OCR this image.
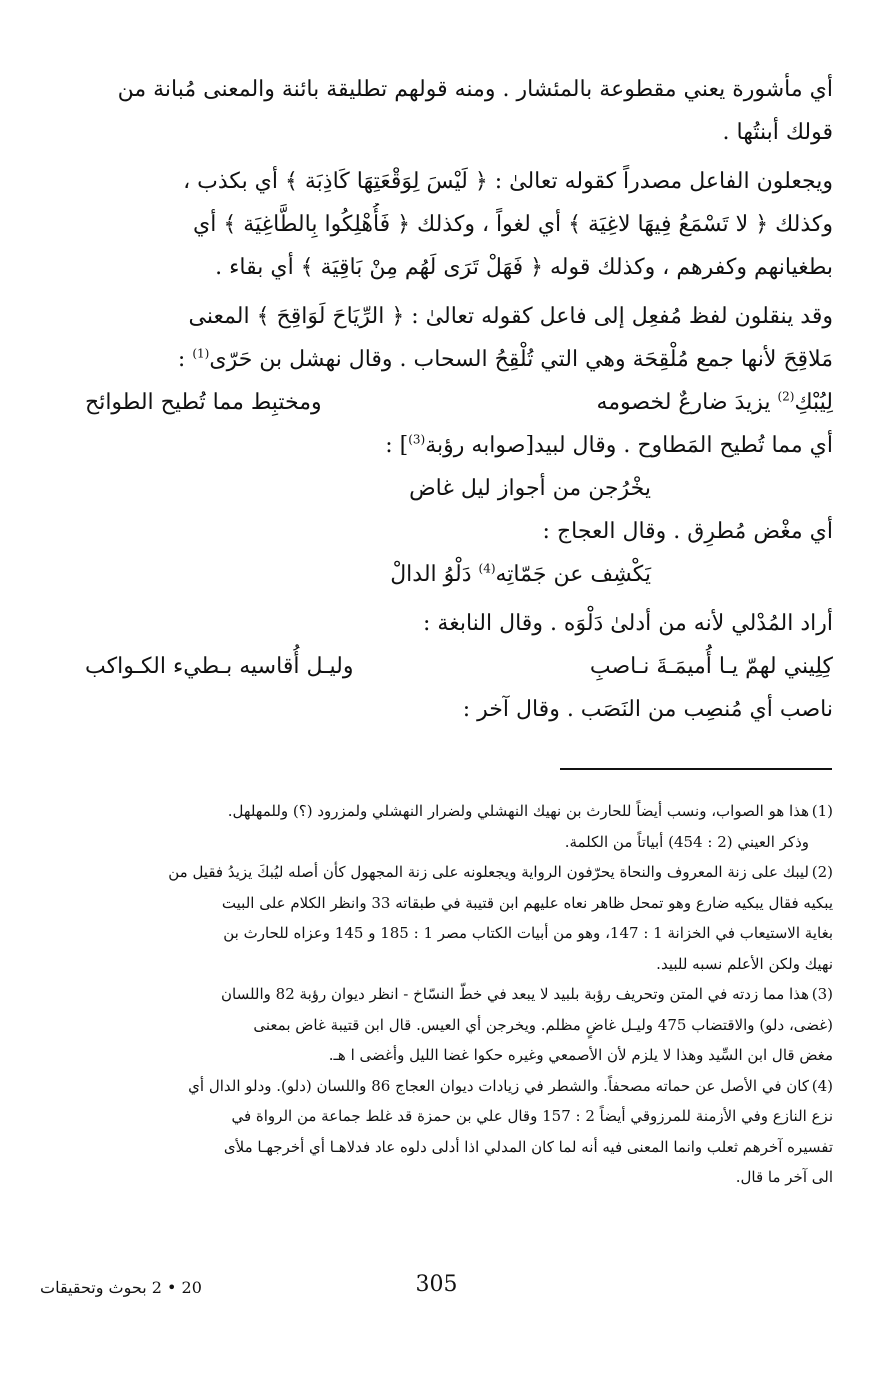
أي مأشورة يعني مقطوعة بالمئشار . ومنه قولهم تطليقة بائنة والمعنى مُبانة من
قولك أبنتُها .
ويجعلون الفاعل مصدراً كقوله تعالىٰ : ﴿ لَيْسَ لِوَقْعَتِهَا كَاذِبَة ﴾ أي بكذب ،
وكذلك ﴿ لا تَسْمَعُ فِيهَا لاغِيَة ﴾ أي لغواً ، وكذلك ﴿ فَأُهْلِكُوا بِالطَّاغِيَة ﴾ أي
بطغيانهم وكفرهم ، وكذلك قوله ﴿ فَهَلْ تَرَى لَهُم مِنْ بَاقِيَة ﴾ أي بقاء .
وقد ينقلون لفظ مُفعِل إلى فاعل كقوله تعالىٰ : ﴿ الرِّيَاحَ لَوَاقِحَ ﴾ المعنى
مَلاقِحَ لأنها جمع مُلْقِحَة وهي التي تُلْقِحُ السحاب . وقال نهشل بن حَرّى$^{(1)}$ :
لِيُبْكِ$^{(2)}$ يزيدَ ضارعٌ لخصومه
ومختبِط مما تُطيح الطوائح
أي مما تُطيح المَطاوح . وقال لبيد[صوابه رؤبة$^{(3)}$] :
يخْرُجن من أجواز ليل غاض
أي مغْض مُطرِق . وقال العجاج :
يَكْشِف عن جَمّاتِه$^{(4)}$ دَلْوُ الدالْ
أراد المُدْلي لأنه من أدلىٰ دَلْوَه . وقال النابغة :
كِلِيني لهمّ يـا أُميمَـةَ نـاصبِ
وليـل أُقاسيه بـطيء الكـواكب
ناصب أي مُنصِب من النَصَب . وقال آخر :
(1)هذا هو الصواب، ونسب أيضاً للحارث بن نهيك النهشلي ولضرار النهشلي ولمزرود (؟) وللمهلهل.
وذكر العيني (2 : 454) أبياتاً من الكلمة.
(2)ليبك على زنة المعروف والنحاة يحرّفون الرواية ويجعلونه على زنة المجهول كأن أصله ليُبكَ يزيدُ فقيل من
يبكيه فقال يبكيه ضارع وهو تمحل ظاهر نعاه عليهم ابن قتيبة في طبقاته 33 وانظر الكلام على البيت
بغاية الاستيعاب في الخزانة 1 : 147، وهو من أبيات الكتاب مصر 1 : 185 و 145 وعزاه للحارث بن
نهيك ولكن الأعلم نسبه للبيد.
(3)هذا مما زدته في المتن وتحريف رؤبة بلبيد لا يبعد في خطّ النسّاخ - انظر ديوان رؤبة 82 واللسان
(غضى، دلو) والاقتضاب 475 وليـل غاضٍ مظلم. ويخرجن أي العيس. قال ابن قتيبة غاض بمعنى
مغض قال ابن السِّيد وهذا لا يلزم لأن الأصمعي وغيره حكوا غضا الليل وأغضى ا هـ.
(4)كان في الأصل عن حماته مصحفاً. والشطر في زيادات ديوان العجاج 86 واللسان (دلو). ودلو الدال أي
نزع النازع وفي الأزمنة للمرزوقي أيضاً 2 : 157 وقال علي بن حمزة قد غلط جماعة من الرواة في
تفسيره آخرهم ثعلب وانما المعنى فيه أنه لما كان المدلي اذا أدلى دلوه عاد فدلاهـا أي أخرجهـا ملأى
الى آخر ما قال.
305
20 • 2 بحوث وتحقيقات
